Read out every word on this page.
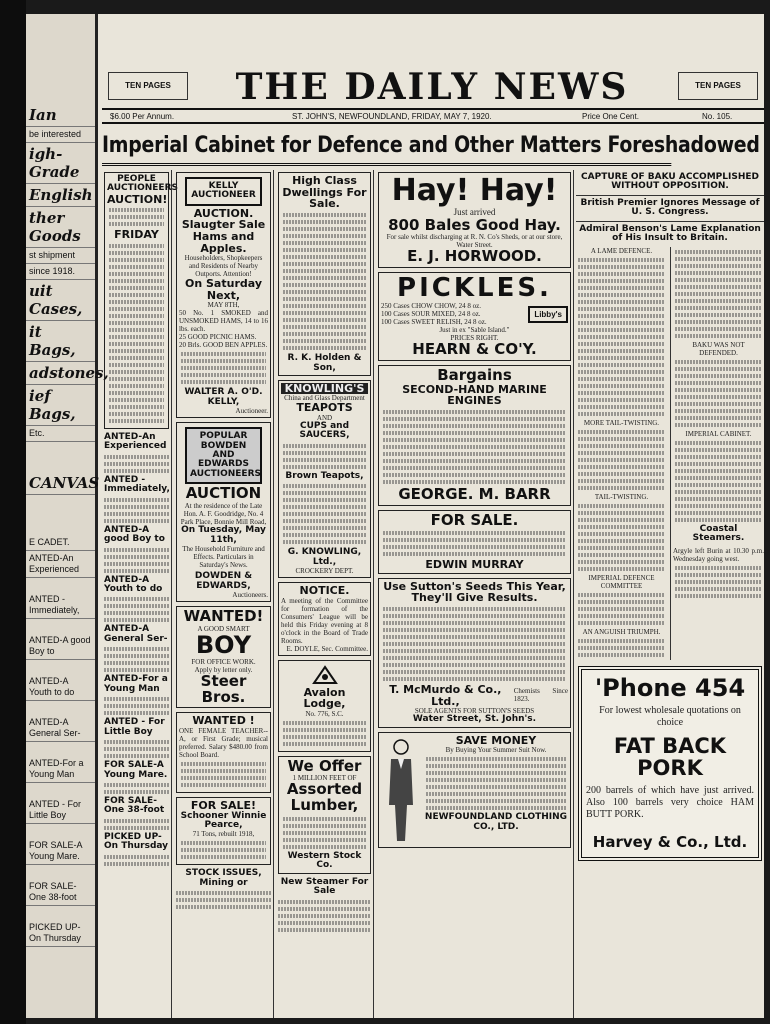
Ian
be interested
igh-Grade
English
ther Goods
st shipment
since 1918.
uit Cases,
it Bags,
adstones,
ief Bags,
Etc.
CANVAS
E CADET.
ANTED-An Experienced
ANTED - Immediately,
ANTED-A good Boy to
ANTED-A Youth to do
ANTED-A General Ser-
ANTED-For a Young Man
ANTED - For Little Boy
FOR SALE-A Young Mare.
FOR SALE-One 38-foot
PICKED UP-On Thursday
TEN PAGES	THE DAILY NEWS	TEN PAGES
$6.00 Per Annum.	ST. JOHN'S, NEWFOUNDLAND, FRIDAY, MAY 7, 1920.	Price One Cent.	No. 105.
Imperial Cabinet for Defence and Other Matters Foreshadowed
PEOPLE AUCTIONEERS
AUCTION!
FRIDAY
ANTED-An Experienced
ANTED - Immediately,
ANTED-A good Boy to
ANTED-A Youth to do
ANTED-A General Ser-
ANTED-For a Young Man
ANTED - For Little Boy
FOR SALE-A Young Mare.
FOR SALE-One 38-foot
PICKED UP-On Thursday
KELLY AUCTIONEER
AUCTION.
Slaugter Sale Hams and Apples.
Householders, Shopkeepers and Residents of Nearby Outports. Attention!
On Saturday Next,
MAY 8TH,
50 No. 1 SMOKED and UNSMOKED HAMS, 14 to 16 lbs. each.
25 GOOD PICNIC HAMS.
20 Brls. GOOD BEN APPLES.
WALTER A. O'D. KELLY,
Auctioneer.
POPULAR BOWDEN AND EDWARDS AUCTIONEERS
AUCTION
At the residence of the Late Hon. A. F. Goodridge, No. 4 Park Place, Bonnie Mill Road,
On Tuesday, May 11th,
The Household Furniture and Effects. Particulars in Saturday's News.
DOWDEN & EDWARDS,
Auctioneers.
WANTED!
A GOOD SMART
BOY
FOR OFFICE WORK.
Apply by letter only.
Steer Bros.
WANTED !
ONE FEMALE TEACHER--A, or First Grade; musical preferred. Salary $480.00 from School Board.
FOR SALE!
Schooner Winnie Pearce,
71 Tons, rebuilt 1918,
STOCK ISSUES, Mining or
High Class Dwellings For Sale.
R. K. Holden & Son,
KNOWLING'S
China and Glass Department
TEAPOTS
AND
CUPS and SAUCERS,
Brown Teapots,
G. KNOWLING, Ltd.,
CROCKERY DEPT.
NOTICE.
A meeting of the Committee for formation of the Consumers' League will be held this Friday evening at 8 o'clock in the Board of Trade Rooms.
E. DOYLE, Sec. Committee.
Avalon Lodge,
No. 776, S.C.
We Offer
1 MILLION FEET OF
Assorted Lumber,
Western Stock Co.
New Steamer For Sale
Hay! Hay!
Just arrived
800 Bales Good Hay.
For sale whilst discharging at R. N. Co's Sheds, or at our store, Water Street.
E. J. HORWOOD.
PICKLES.
250 Cases CHOW CHOW, 24 8 oz.
100 Cases SOUR MIXED, 24 8 oz.
100 Cases SWEET RELISH, 24 8 oz.
Libby's
Just in ex "Sable Island."
PRICES RIGHT.
HEARN & CO'Y.
Bargains
SECOND-HAND MARINE ENGINES
GEORGE. M. BARR
FOR SALE.
EDWIN MURRAY
Use Sutton's Seeds This Year, They'll Give Results.
T. McMurdo & Co., Ltd.,
Chemists Since 1823.
SOLE AGENTS FOR SUTTON'S SEEDS
Water Street, St. John's.
SAVE MONEY
By Buying Your Summer Suit Now.
NEWFOUNDLAND CLOTHING CO., LTD.
CAPTURE OF BAKU ACCOMPLISHED WITHOUT OPPOSITION.
British Premier Ignores Message of U. S. Congress.
Admiral Benson's Lame Explanation of His Insult to Britain.
A LAME DEFENCE.
MORE TAIL-TWISTING.
TAIL-TWISTING.
IMPERIAL DEFENCE COMMITTEE
AN ANGUISH TRIUMPH.
BAKU WAS NOT DEFENDED.
IMPERIAL CABINET.
Coastal Steamers.
Argyle left Burin at 10.30 p.m. Wednesday going west.
'Phone 454
For lowest wholesale quotations on choice
FAT BACK PORK
200 barrels of which have just arrived. Also 100 barrels very choice HAM BUTT PORK.
Harvey & Co., Ltd.
